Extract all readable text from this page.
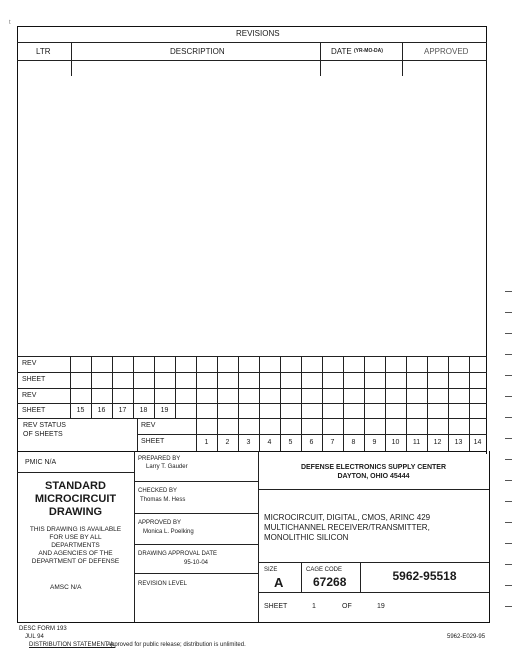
t
REVISIONS
LTR	DESCRIPTION	DATE (YR-MO-DA)	APPROVED
REV
SHEET
REV
SHEET	15	16	17	18	19
REV STATUS
OF SHEETS
REV
SHEET	1	2	3	4	5	6	7	8	9	10	11	12	13	14
PMIC N/A
STANDARD
MICROCIRCUIT
DRAWING
THIS DRAWING IS AVAILABLE
FOR USE BY ALL
DEPARTMENTS
AND AGENCIES OF THE
DEPARTMENT OF DEFENSE
AMSC N/A
PREPARED BY
Larry T. Gauder
CHECKED BY
Thomas M. Hess
APPROVED BY
Monica L. Poelking
DRAWING APPROVAL DATE
95-10-04
REVISION LEVEL
DEFENSE ELECTRONICS SUPPLY CENTER
DAYTON, OHIO 45444
MICROCIRCUIT, DIGITAL, CMOS, ARINC 429
MULTICHANNEL RECEIVER/TRANSMITTER,
MONOLITHIC SILICON
SIZE
A
CAGE CODE
67268	5962-95518
SHEET	1	OF	19
DESC FORM 193
JUL 94
DISTRIBUTION STATEMENT A.
Approved for public release; distribution is unlimited.
5962-E029-95
